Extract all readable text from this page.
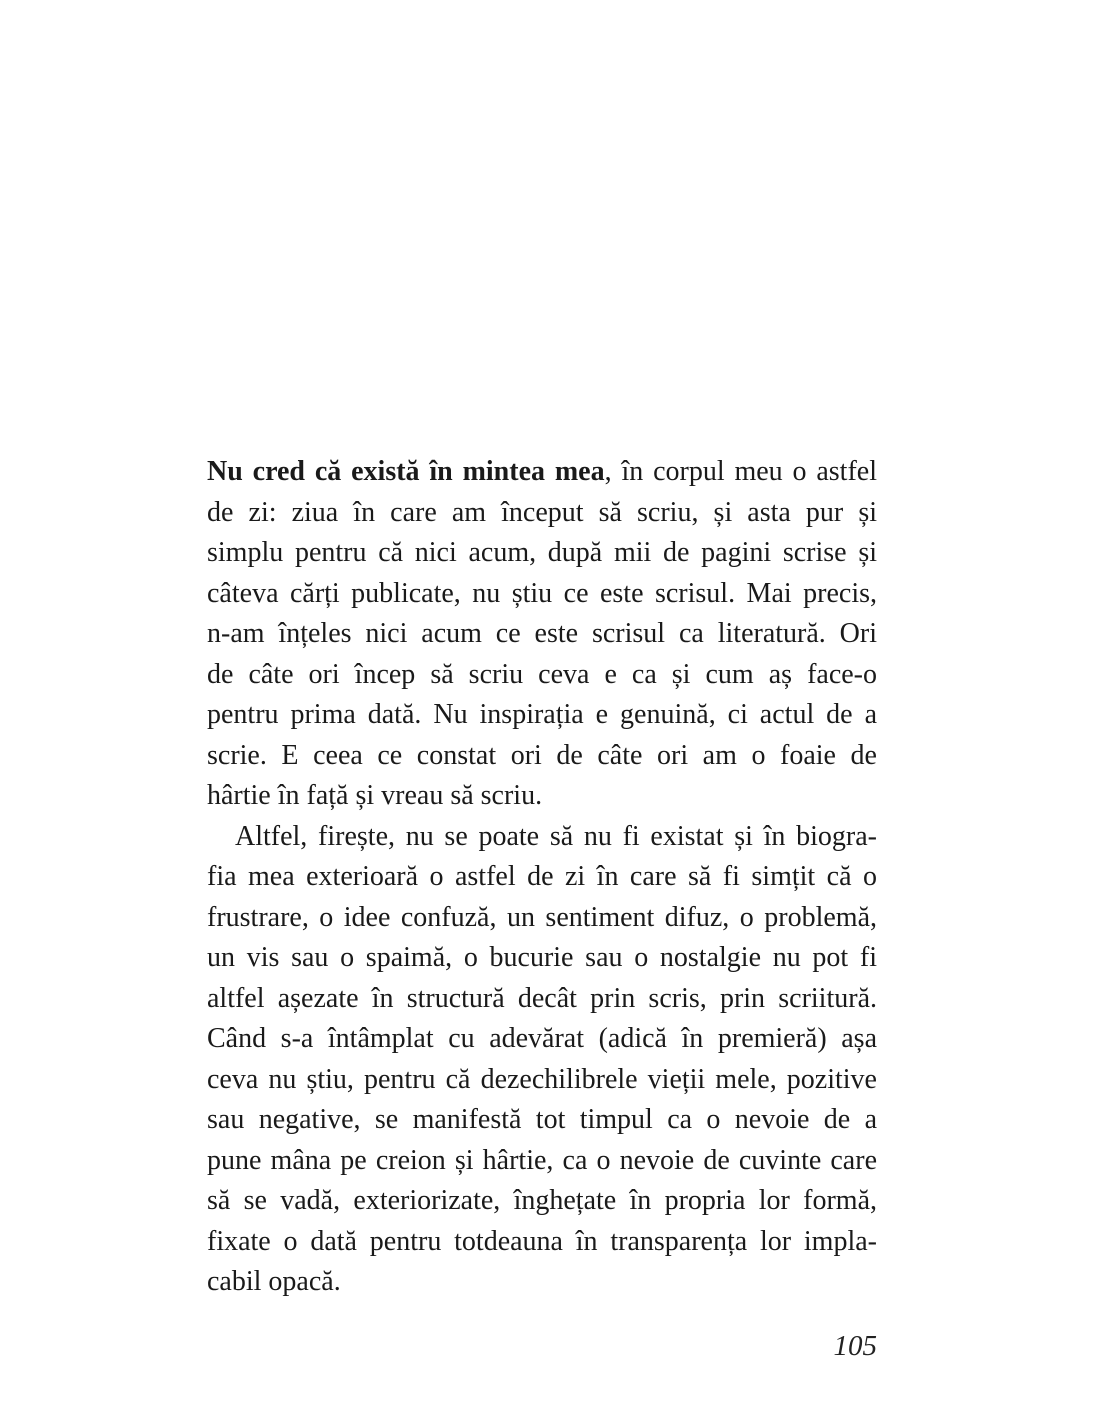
Nu cred că există în mintea mea, în corpul meu o astfel

de zi: ziua în care am început să scriu, și asta pur și

simplu pentru că nici acum, după mii de pagini scrise și

câteva cărți publicate, nu știu ce este scrisul. Mai precis,

n-am înțeles nici acum ce este scrisul ca literatură. Ori

de câte ori încep să scriu ceva e ca și cum aș face-o

pentru prima dată. Nu inspirația e genuină, ci actul de a

scrie. E ceea ce constat ori de câte ori am o foaie de

hârtie în față și vreau să scriu.

Altfel, firește, nu se poate să nu fi existat și în biogra-

fia mea exterioară o astfel de zi în care să fi simțit că o

frustrare, o idee confuză, un sentiment difuz, o problemă,

un vis sau o spaimă, o bucurie sau o nostalgie nu pot fi

altfel așezate în structură decât prin scris, prin scriitură.

Când s-a întâmplat cu adevărat (adică în premieră) așa

ceva nu știu, pentru că dezechilibrele vieții mele, pozitive

sau negative, se manifestă tot timpul ca o nevoie de a

pune mâna pe creion și hârtie, ca o nevoie de cuvinte care

să se vadă, exteriorizate, înghețate în propria lor formă,

fixate o dată pentru totdeauna în transparența lor impla-

cabil opacă.

105
